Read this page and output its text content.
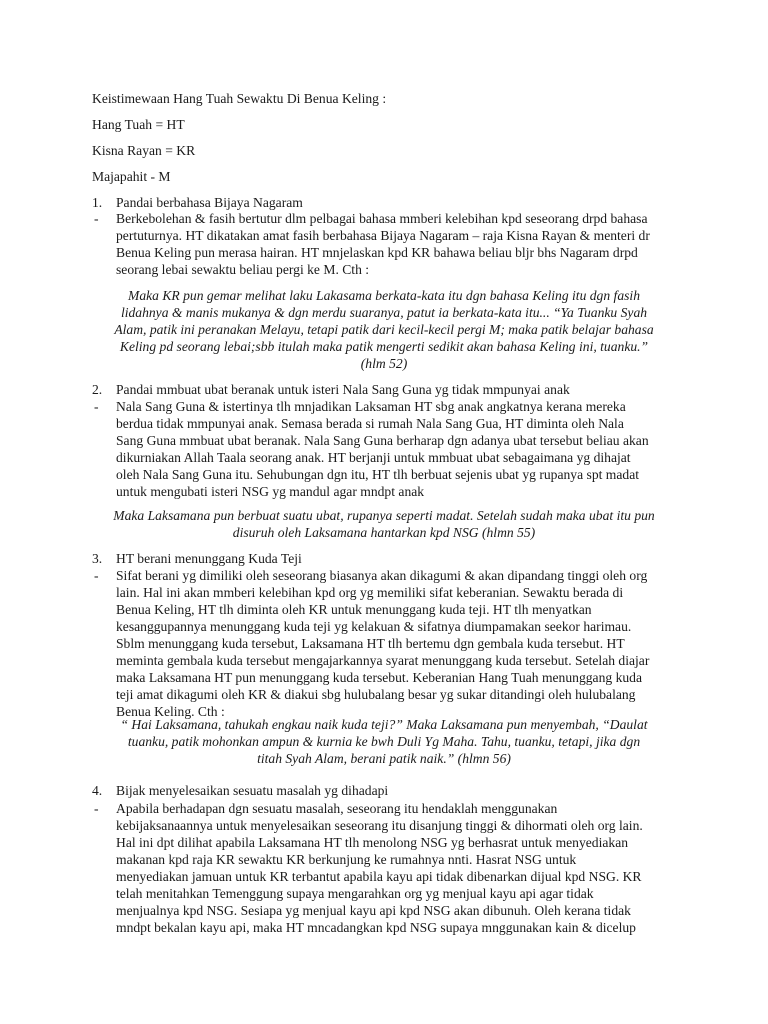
Keistimewaan Hang Tuah Sewaktu Di Benua Keling :
Hang Tuah = HT
Kisna Rayan = KR
Majapahit - M
1. Pandai berbahasa Bijaya Nagaram
- Berkebolehan & fasih bertutur dlm pelbagai bahasa mmberi kelebihan kpd seseorang drpd bahasa
pertuturnya. HT dikatakan amat fasih berbahasa Bijaya Nagaram – raja Kisna Rayan & menteri dr
Benua Keling pun merasa hairan. HT mnjelaskan kpd KR bahawa beliau bljr bhs Nagaram drpd
seorang lebai sewaktu beliau pergi ke M. Cth :
Maka KR pun gemar melihat laku Lakasama berkata-kata itu dgn bahasa Keling itu dgn fasih
lidahnya & manis mukanya & dgn merdu suaranya, patut ia berkata-kata itu... “Ya Tuanku Syah
Alam, patik ini peranakan Melayu, tetapi patik dari kecil-kecil pergi M; maka patik belajar bahasa
Keling pd seorang lebai;sbb itulah maka patik mengerti sedikit akan bahasa Keling ini, tuanku.”
(hlm 52)
2. Pandai mmbuat ubat beranak untuk isteri Nala Sang Guna yg tidak mmpunyai anak
- Nala Sang Guna & istertinya tlh mnjadikan Laksaman HT sbg anak angkatnya kerana mereka
berdua tidak mmpunyai anak. Semasa berada si rumah Nala Sang Gua, HT diminta oleh Nala
Sang Guna mmbuat ubat beranak. Nala Sang Guna berharap dgn adanya ubat tersebut beliau akan
dikurniakan Allah Taala seorang anak. HT berjanji untuk mmbuat ubat sebagaimana yg dihajat
oleh Nala Sang Guna itu. Sehubungan dgn itu, HT tlh berbuat sejenis ubat yg rupanya spt madat
untuk mengubati isteri NSG yg mandul agar mndpt anak
Maka Laksamana pun berbuat suatu ubat, rupanya seperti madat. Setelah sudah maka ubat itu pun
disuruh oleh Laksamana hantarkan kpd NSG (hlmn 55)
3. HT berani menunggang Kuda Teji
- Sifat berani yg dimiliki oleh seseorang biasanya akan dikagumi & akan dipandang tinggi oleh org
lain. Hal ini akan mmberi kelebihan kpd org yg memiliki sifat keberanian. Sewaktu berada di
Benua Keling, HT tlh diminta oleh KR untuk menunggang kuda teji. HT tlh menyatkan
kesanggupannya menunggang kuda teji yg kelakuan & sifatnya diumpamakan seekor harimau.
Sblm menunggang kuda tersebut, Laksamana HT tlh bertemu dgn gembala kuda tersebut. HT
meminta gembala kuda tersebut mengajarkannya syarat menunggang kuda tersebut. Setelah diajar
maka Laksamana HT pun menunggang kuda tersebut. Keberanian Hang Tuah menunggang kuda
teji amat dikagumi oleh KR & diakui sbg hulubalang besar yg sukar ditandingi oleh hulubalang
Benua Keling. Cth :
“ Hai Laksamana, tahukah engkau naik kuda teji?” Maka Laksamana pun menyembah, “Daulat
tuanku, patik mohonkan ampun & kurnia ke bwh Duli Yg Maha. Tahu, tuanku, tetapi, jika dgn
titah Syah Alam, berani patik naik.” (hlmn 56)
4. Bijak menyelesaikan sesuatu masalah yg dihadapi
- Apabila berhadapan dgn sesuatu masalah, seseorang itu hendaklah menggunakan
kebijaksanaannya untuk menyelesaikan seseorang itu disanjung tinggi & dihormati oleh org lain.
Hal ini dpt dilihat apabila Laksamana HT tlh menolong NSG yg berhasrat untuk menyediakan
makanan kpd raja KR sewaktu KR berkunjung ke rumahnya nnti. Hasrat NSG untuk
menyediakan jamuan untuk KR terbantut apabila kayu api tidak dibenarkan dijual kpd NSG. KR
telah menitahkan Temenggung supaya mengarahkan org yg menjual kayu api agar tidak
menjualnya kpd NSG. Sesiapa yg menjual kayu api kpd NSG akan dibunuh. Oleh kerana tidak
mndpt bekalan kayu api, maka HT mncadangkan kpd NSG supaya mnggunakan kain & dicelup
